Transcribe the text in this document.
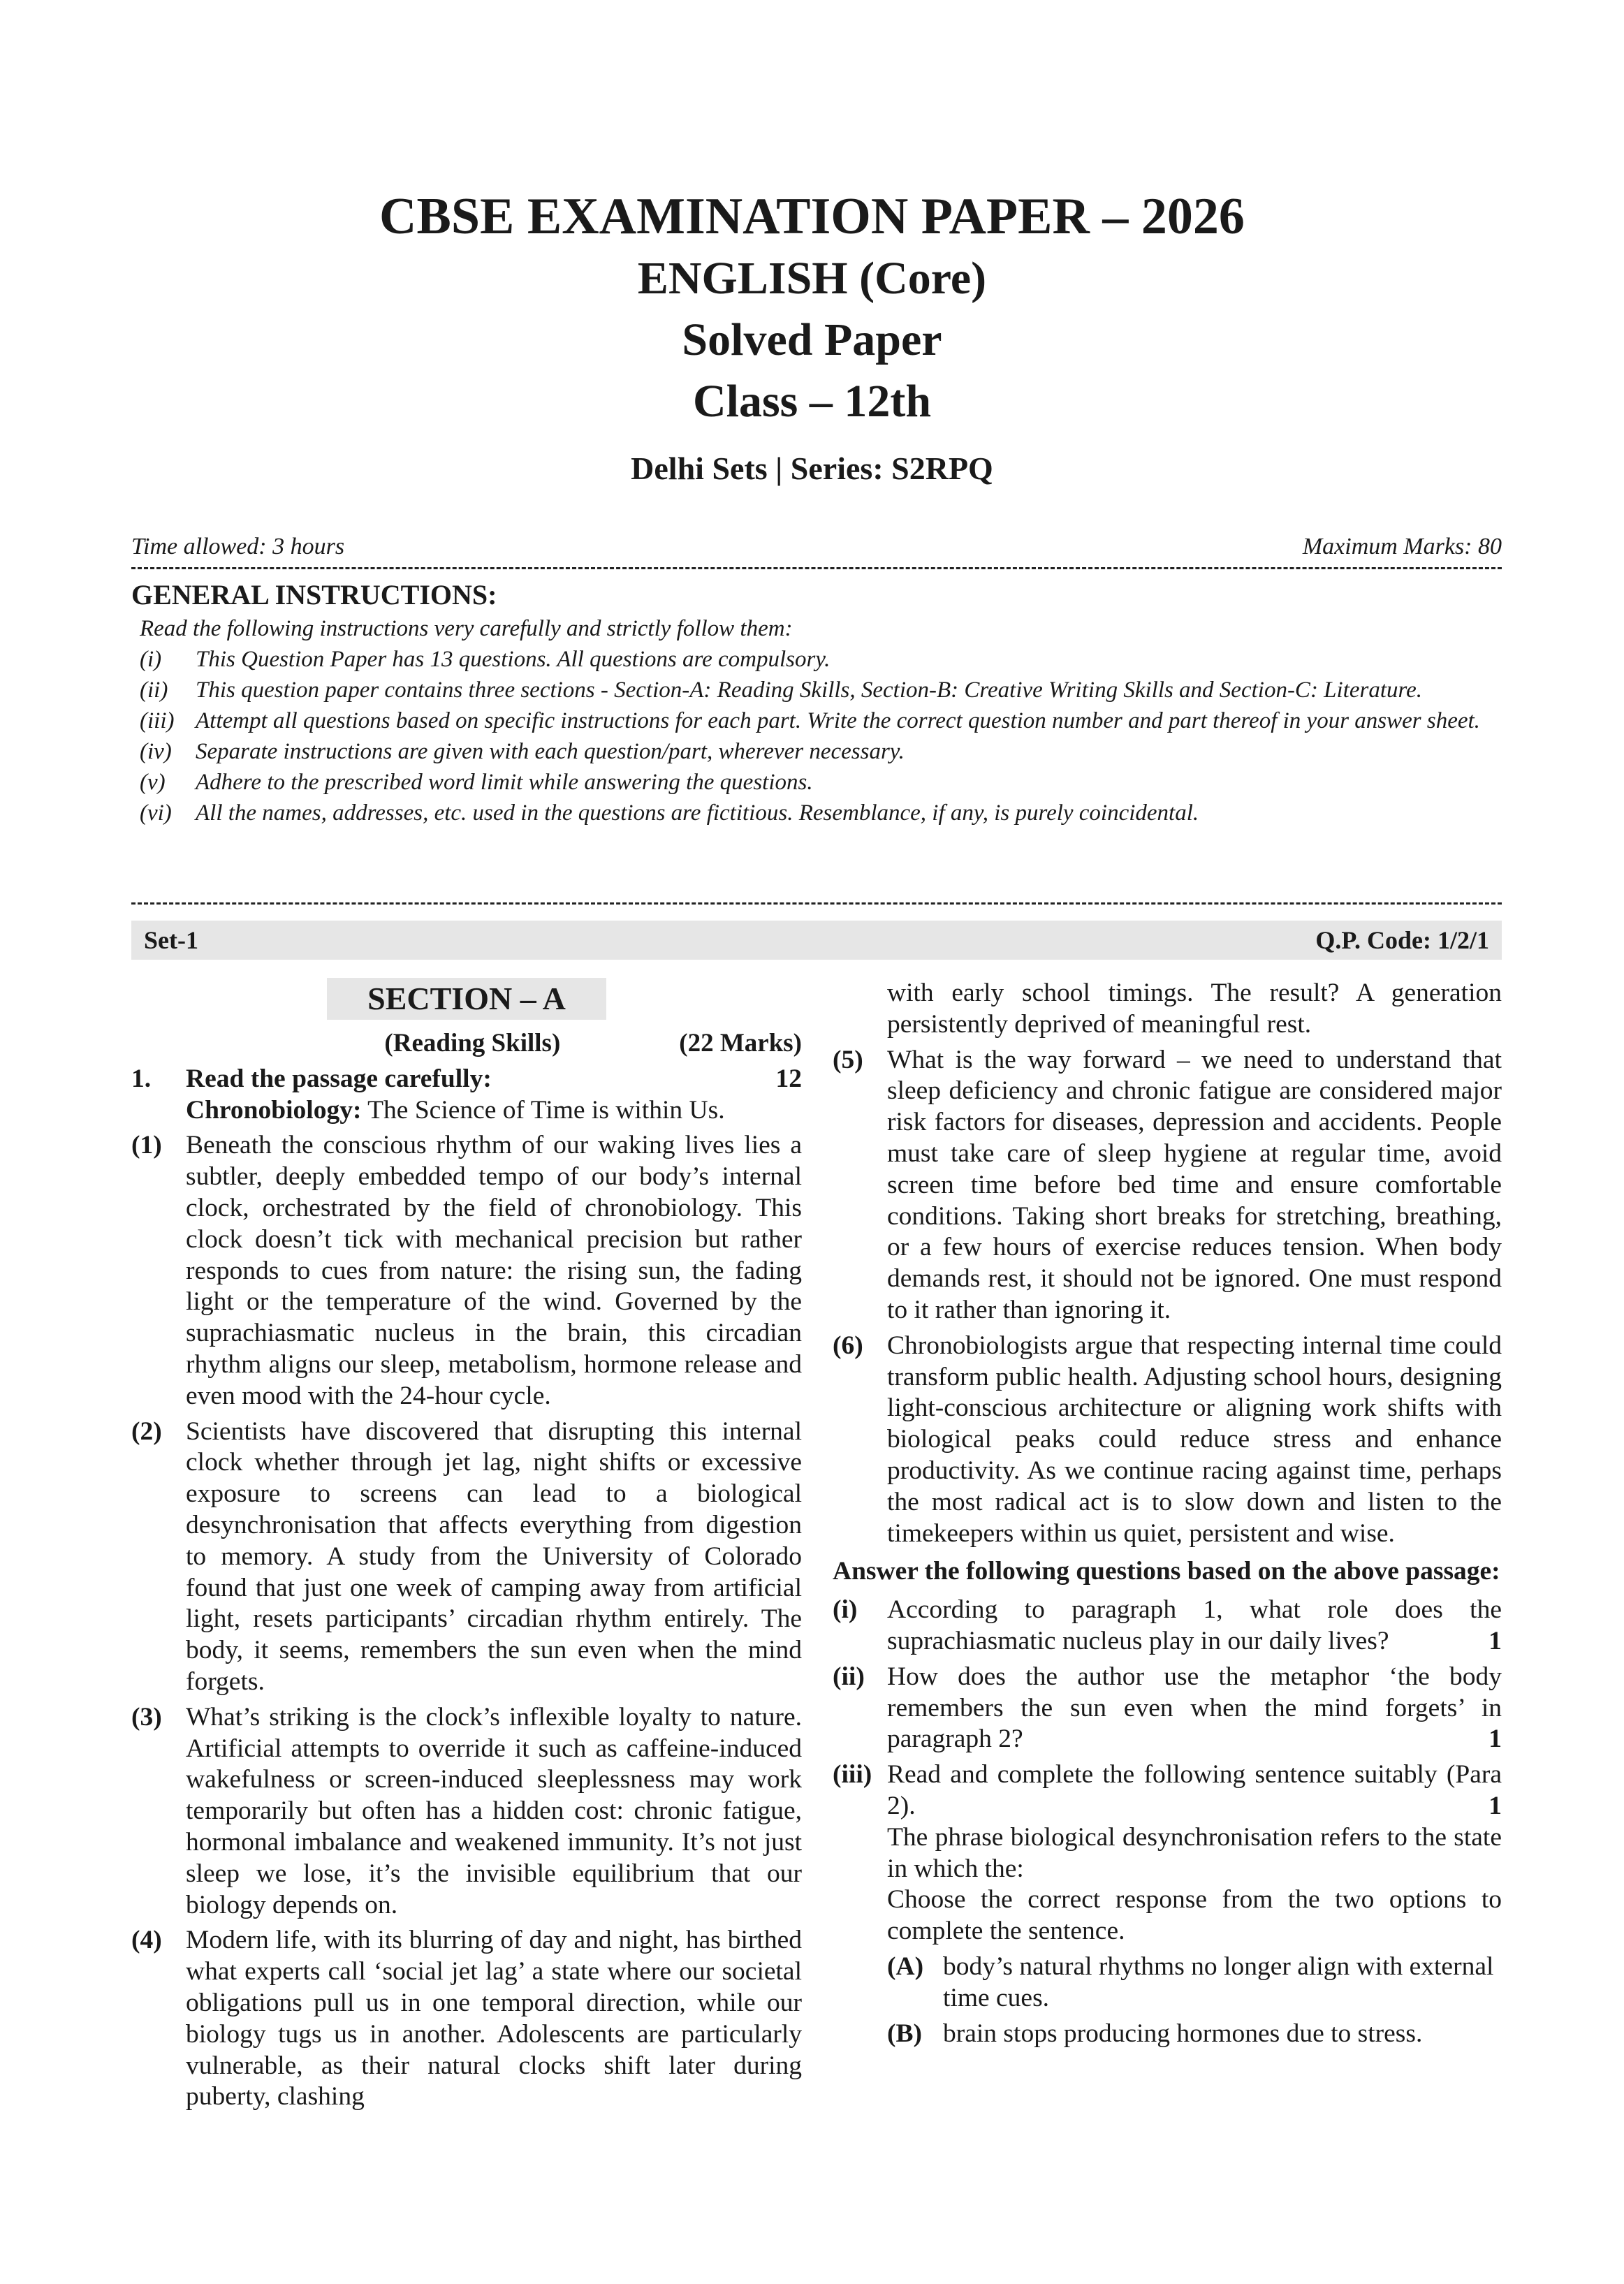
CBSE EXAMINATION PAPER – 2026
ENGLISH (Core)
Solved Paper
Class – 12th
Delhi Sets | Series: S2RPQ
Time allowed: 3 hours	Maximum Marks: 80
GENERAL INSTRUCTIONS:
Read the following instructions very carefully and strictly follow them:
(i)	This Question Paper has 13 questions. All questions are compulsory.
(ii)	This question paper contains three sections - Section-A: Reading Skills, Section-B: Creative Writing Skills and Section-C: Literature.
(iii) Attempt all questions based on specific instructions for each part. Write the correct question number and part thereof in your answer sheet.
(iv)	Separate instructions are given with each question/part, wherever necessary.
(v)	Adhere to the prescribed word limit while answering the questions.
(vi)	All the names, addresses, etc. used in the questions are fictitious. Resemblance, if any, is purely coincidental.
Set-1	Q.P. Code: 1/2/1
SECTION – A
(Reading Skills)	(22 Marks)
1.	Read the passage carefully:	12
Chronobiology: The Science of Time is within Us.
(1) Beneath the conscious rhythm of our waking lives lies a subtler, deeply embedded tempo of our body’s internal clock, orchestrated by the field of chronobiology. This clock doesn’t tick with mechanical precision but rather responds to cues from nature: the rising sun, the fading light or the temperature of the wind. Governed by the suprachiasmatic nucleus in the brain, this circadian rhythm aligns our sleep, metabolism, hormone release and even mood with the 24-hour cycle.
(2) Scientists have discovered that disrupting this internal clock whether through jet lag, night shifts or excessive exposure to screens can lead to a biological desynchronisation that affects everything from digestion to memory. A study from the University of Colorado found that just one week of camping away from artificial light, resets participants’ circadian rhythm entirely. The body, it seems, remembers the sun even when the mind forgets.
(3) What’s striking is the clock’s inflexible loyalty to nature. Artificial attempts to override it such as caffeine-induced wakefulness or screen-induced sleeplessness may work temporarily but often has a hidden cost: chronic fatigue, hormonal imbalance and weakened immunity. It’s not just sleep we lose, it’s the invisible equilibrium that our biology depends on.
(4) Modern life, with its blurring of day and night, has birthed what experts call ‘social jet lag’ a state where our societal obligations pull us in one temporal direction, while our biology tugs us in another. Adolescents are particularly vulnerable, as their natural clocks shift later during puberty, clashing
with early school timings. The result? A generation persistently deprived of meaningful rest.
(5) What is the way forward – we need to understand that sleep deficiency and chronic fatigue are considered major risk factors for diseases, depression and accidents. People must take care of sleep hygiene at regular time, avoid screen time before bed time and ensure comfortable conditions. Taking short breaks for stretching, breathing, or a few hours of exercise reduces tension. When body demands rest, it should not be ignored. One must respond to it rather than ignoring it.
(6) Chronobiologists argue that respecting internal time could transform public health. Adjusting school hours, designing light-conscious architecture or aligning work shifts with biological peaks could reduce stress and enhance productivity. As we continue racing against time, perhaps the most radical act is to slow down and listen to the timekeepers within us quiet, persistent and wise.
Answer the following questions based on the above passage:
(i)	According to paragraph 1, what role does the suprachiasmatic nucleus play in our daily lives?	1
(ii) How does the author use the metaphor ‘the body remembers the sun even when the mind forgets’ in paragraph 2?	1
(iii) Read and complete the following sentence suitably (Para 2).	1
The phrase biological desynchronisation refers to the state in which the:
Choose the correct response from the two options to complete the sentence.
(A) body’s natural rhythms no longer align with external time cues.
(B) brain stops producing hormones due to stress.
